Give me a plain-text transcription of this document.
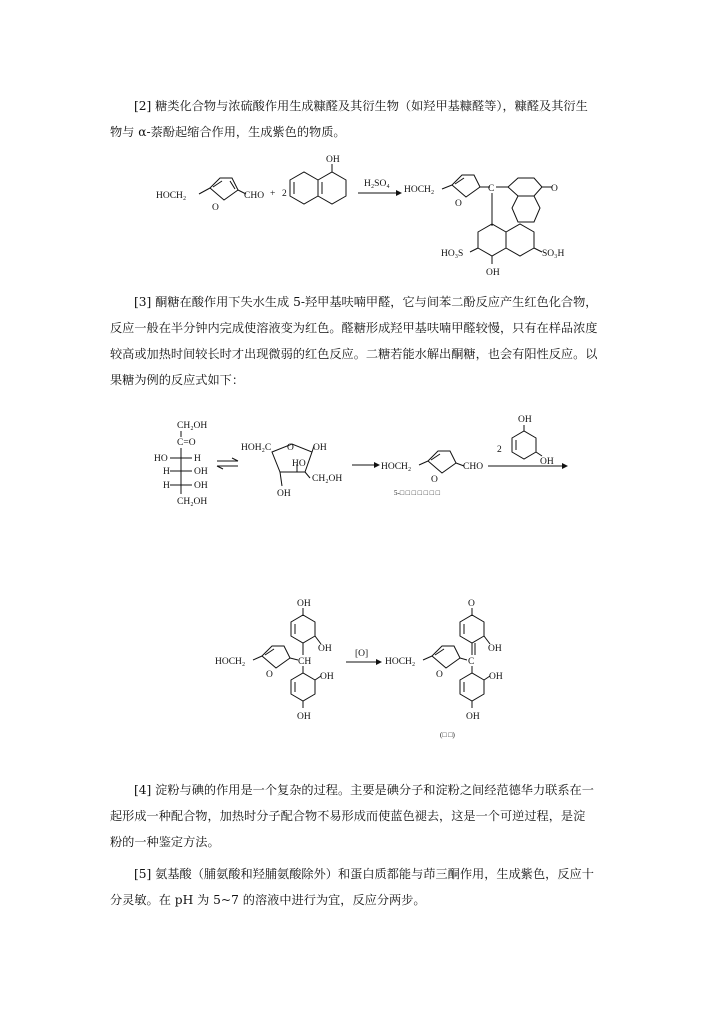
[2] 糖类化合物与浓硫酸作用生成糠醛及其衍生物（如羟甲基糠醛等），糠醛及其衍生
物与 α-萘酚起缩合作用，生成紫色的物质。
[3] 酮糖在酸作用下失水生成 5-羟甲基呋喃甲醛，它与间苯二酚反应产生红色化合物，
反应一般在半分钟内完成使溶液变为红色。醛糖形成羟甲基呋喃甲醛较慢，只有在样品浓度
较高或加热时间较长时才出现微弱的红色反应。二糖若能水解出酮糖，也会有阳性反应。以
果糖为例的反应式如下：
[4] 淀粉与碘的作用是一个复杂的过程。主要是碘分子和淀粉之间经范德华力联系在一
起形成一种配合物，加热时分子配合物不易形成而使蓝色褪去，这是一个可逆过程，是淀
粉的一种鉴定方法。
[5] 氨基酸（脯氨酸和羟脯氨酸除外）和蛋白质都能与茚三酮作用，生成紫色，反应十
分灵敏。在 pH 为 5~7 的溶液中进行为宜，反应分两步。
HOCH₂
O
CHO + 2
OH
H₂SO₄
HOCH₂
O
C	O
HO₃S	SO₃H
OH
CH₂OH
C=O
HO	H
H	OH
H	OH
CH₂OH
HOH₂C O OH
HO
CH₂OH
OH
HOCH₂
O
CHO
5-□ □ □ □ □ □ □
2
OH
OH
OH
OH
HOCH₂
O
CH
OH
OH
[O]
O
OH
HOCH₂
O
C
OH
OH
(□ □)
